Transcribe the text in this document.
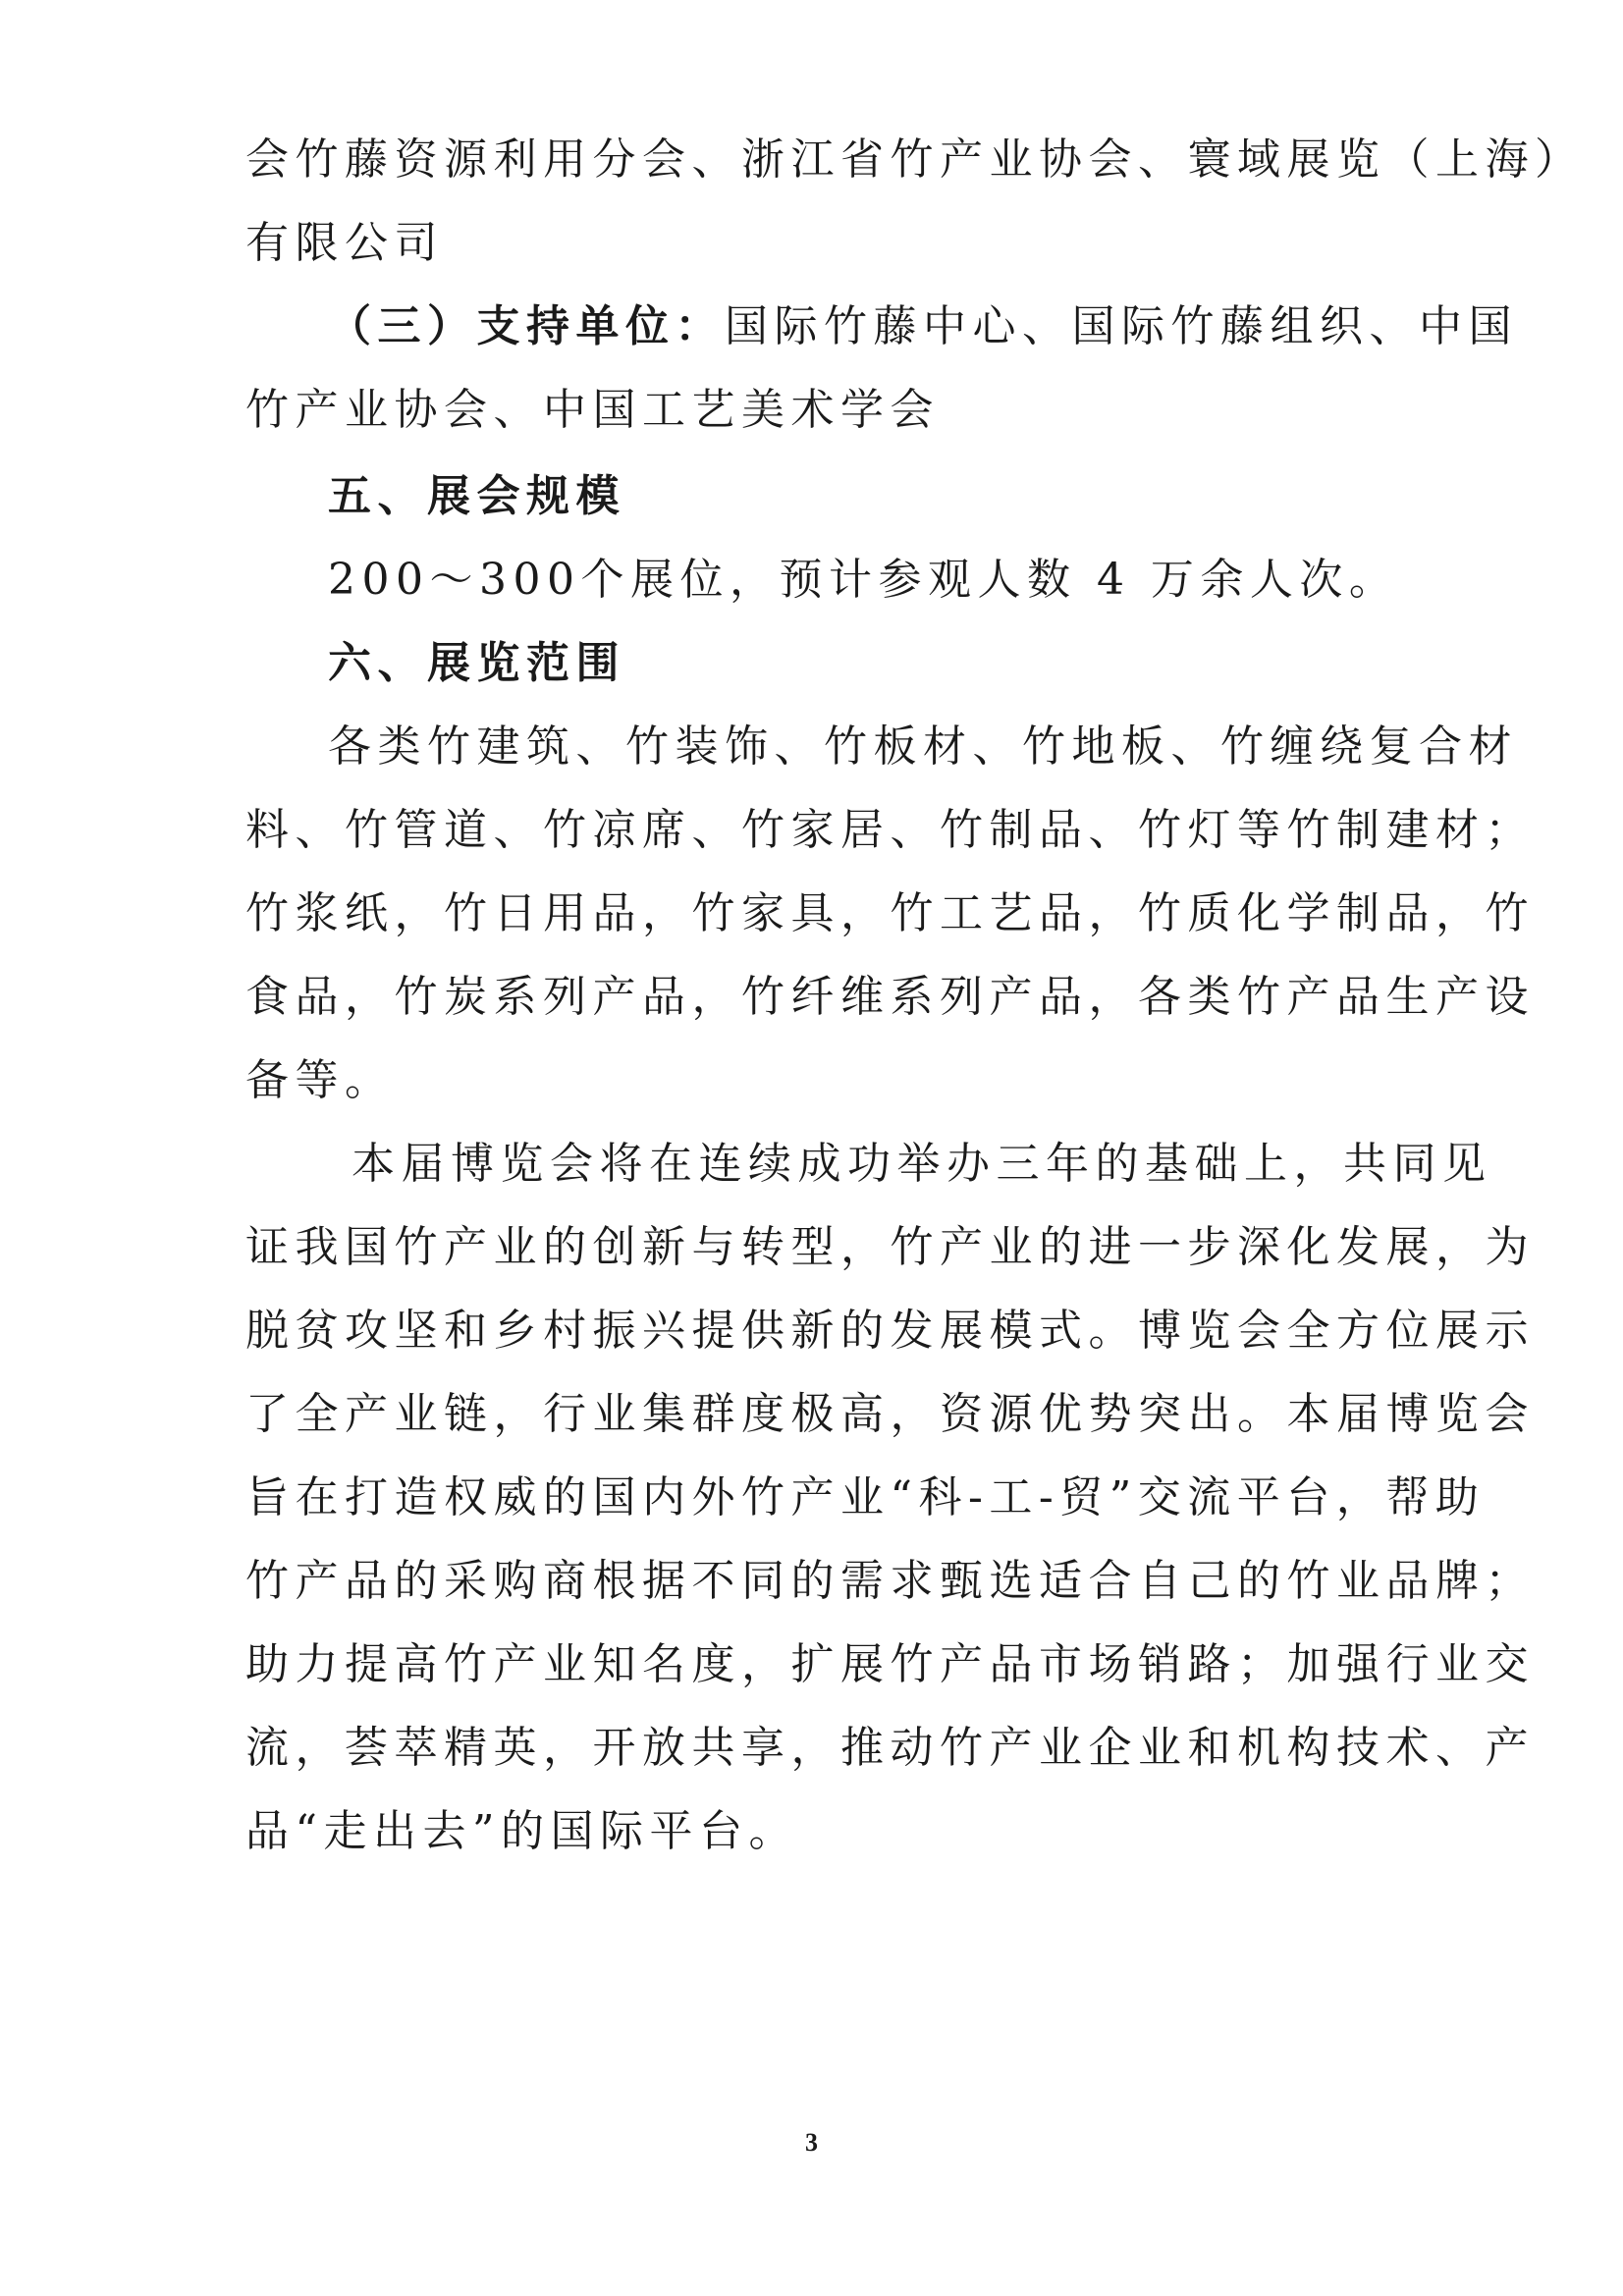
会竹藤资源利用分会、浙江省竹产业协会、寰域展览（上海）
有限公司
（三）支持单位：国际竹藤中心、国际竹藤组织、中国
竹产业协会、中国工艺美术学会
五、展会规模
200～300个展位，预计参观人数 4 万余人次。
六、展览范围
各类竹建筑、竹装饰、竹板材、竹地板、竹缠绕复合材
料、竹管道、竹凉席、竹家居、竹制品、竹灯等竹制建材；
竹浆纸，竹日用品，竹家具，竹工艺品，竹质化学制品，竹
食品，竹炭系列产品，竹纤维系列产品，各类竹产品生产设
备等。
本届博览会将在连续成功举办三年的基础上，共同见
证我国竹产业的创新与转型，竹产业的进一步深化发展，为
脱贫攻坚和乡村振兴提供新的发展模式。博览会全方位展示
了全产业链，行业集群度极高，资源优势突出。本届博览会
旨在打造权威的国内外竹产业“科-工-贸”交流平台，帮助
竹产品的采购商根据不同的需求甄选适合自己的竹业品牌；
助力提高竹产业知名度，扩展竹产品市场销路；加强行业交
流，荟萃精英，开放共享，推动竹产业企业和机构技术、产
品“走出去”的国际平台。
3
